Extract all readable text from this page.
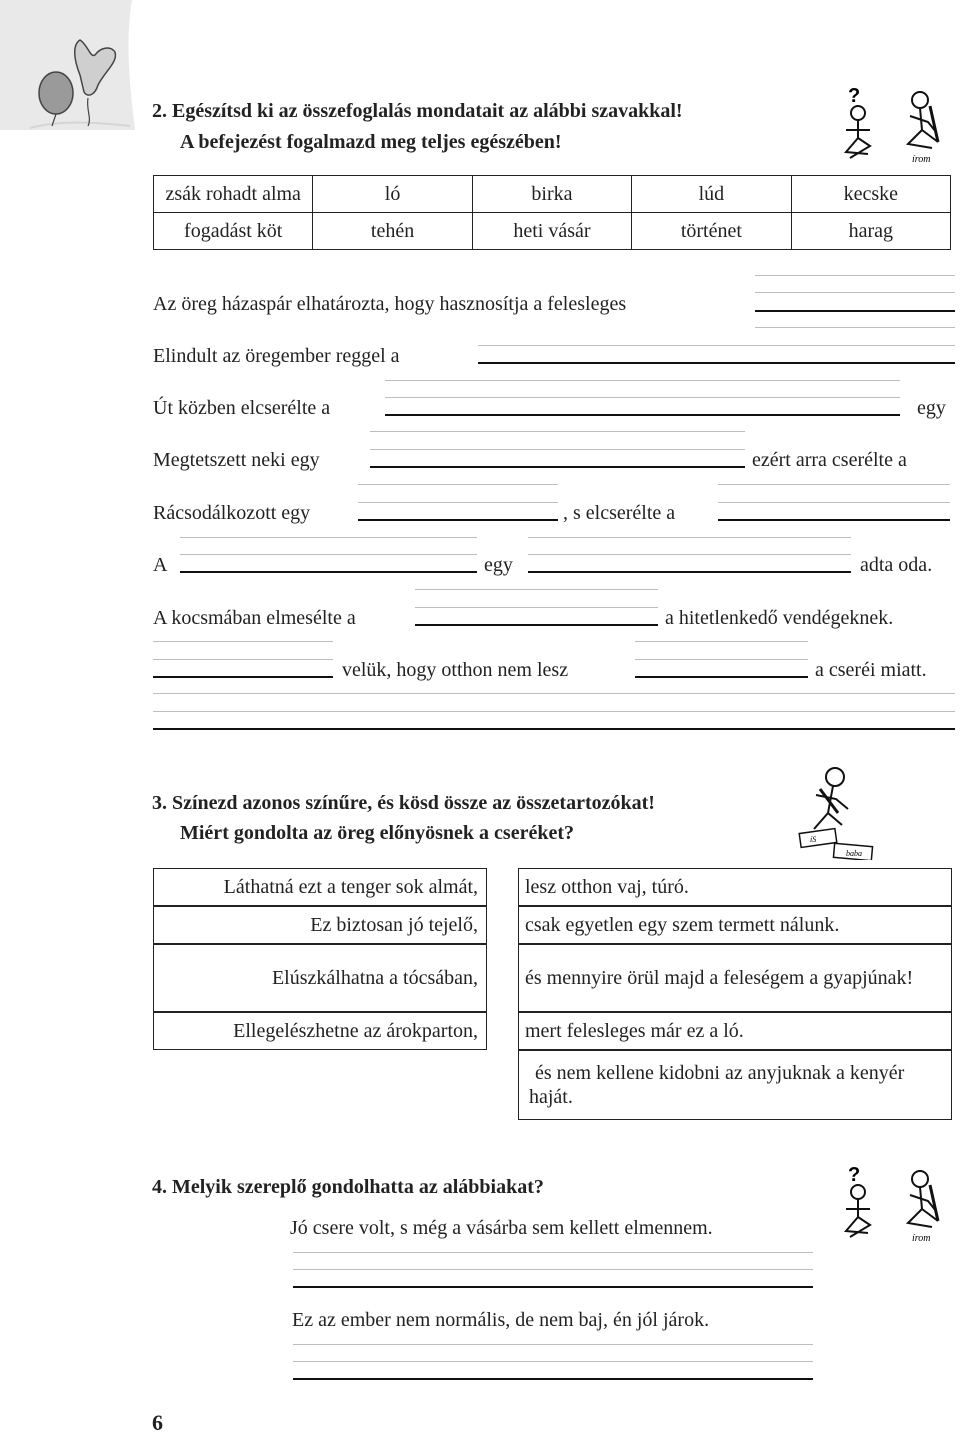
2. Egészítsd ki az összefoglalás mondatait az alábbi szavakkal!
A befejezést fogalmazd meg teljes egészében!
?
írom
zsák rohadt alma	ló	birka	lúd	kecske
fogadást köt	tehén	heti vásár	történet	harag
Az öreg házaspár elhatározta, hogy hasznosítja a felesleges
Elindult az öregember reggel a
Út közben elcserélte a	egy
Megtetszett neki egy	ezért arra cserélte a
Rácsodálkozott egy	, s elcserélte a
A	egy	adta oda.
A kocsmában elmesélte a	a hitetlenkedő vendégeknek.
velük, hogy otthon nem lesz	a cseréi miatt.
3. Színezd azonos színűre, és kösd össze az összetartozókat!
Miért gondolta az öreg előnyösnek a cseréket?	íS
baba
Láthatná ezt a tenger sok almát,
Ez biztosan jó tejelő,
Elúszkálhatna a tócsában,
Ellegelészhetne az árokparton,
lesz otthon vaj, túró.
csak egyetlen egy szem termett nálunk.
és mennyire örül majd a feleségem a gyapjúnak!
mert felesleges már ez a ló.
és nem kellene kidobni az anyjuknak a kenyér haját.
4. Melyik szereplő gondolhatta az alábbiakat?
?
írom
Jó csere volt, s még a vásárba sem kellett elmennem.
Ez az ember nem normális, de nem baj, én jól járok.
6
